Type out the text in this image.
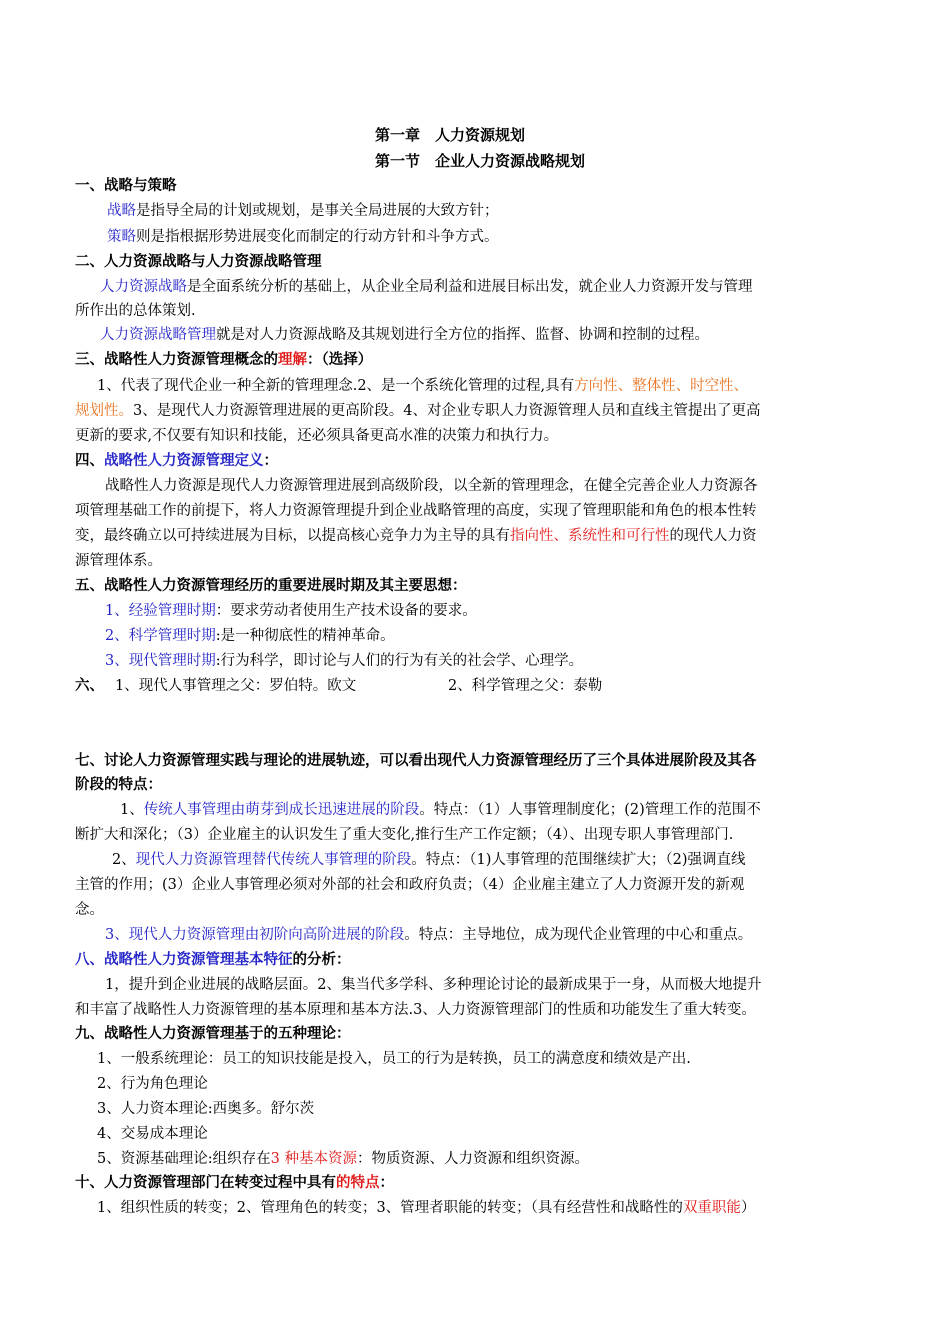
第一章　人力资源规划
第一节　企业人力资源战略规划
一、战略与策略
战略是指导全局的计划或规划，是事关全局进展的大致方针；
策略则是指根据形势进展变化而制定的行动方针和斗争方式。
二、人力资源战略与人力资源战略管理
人力资源战略是全面系统分析的基础上，从企业全局利益和进展目标出发，就企业人力资源开发与管理
所作出的总体策划.
人力资源战略管理就是对人力资源战略及其规划进行全方位的指挥、监督、协调和控制的过程。
三、战略性人力资源管理概念的理解：（选择）
1、代表了现代企业一种全新的管理理念.2、是一个系统化管理的过程,具有方向性、整体性、时空性、
规划性。3、是现代人力资源管理进展的更高阶段。4、对企业专职人力资源管理人员和直线主管提出了更高
更新的要求,不仅要有知识和技能，还必须具备更高水准的决策力和执行力。
四、战略性人力资源管理定义：
战略性人力资源是现代人力资源管理进展到高级阶段，以全新的管理理念，在健全完善企业人力资源各
项管理基础工作的前提下，将人力资源管理提升到企业战略管理的高度，实现了管理职能和角色的根本性转
变，最终确立以可持续进展为目标，以提高核心竞争力为主导的具有指向性、系统性和可行性的现代人力资
源管理体系。
五、战略性人力资源管理经历的重要进展时期及其主要思想：
1、经验管理时期：要求劳动者使用生产技术设备的要求。
2、科学管理时期:是一种彻底性的精神革命。
3、现代管理时期:行为科学，即讨论与人们的行为有关的社会学、心理学。
六、 1、现代人事管理之父：罗伯特。欧文	2、科学管理之父：泰勒
七、讨论人力资源管理实践与理论的进展轨迹，可以看出现代人力资源管理经历了三个具体进展阶段及其各
阶段的特点：
1、传统人事管理由萌芽到成长迅速进展的阶段。特点：（1）人事管理制度化；(2)管理工作的范围不
断扩大和深化；（3）企业雇主的认识发生了重大变化,推行生产工作定额；（4）、出现专职人事管理部门.
2、现代人力资源管理替代传统人事管理的阶段。特点：（1)人事管理的范围继续扩大；（2)强调直线
主管的作用；(3）企业人事管理必须对外部的社会和政府负责；（4）企业雇主建立了人力资源开发的新观
念。
3、现代人力资源管理由初阶向高阶进展的阶段。特点：主导地位，成为现代企业管理的中心和重点。
八、战略性人力资源管理基本特征的分析：
1，提升到企业进展的战略层面。2、集当代多学科、多种理论讨论的最新成果于一身，从而极大地提升
和丰富了战略性人力资源管理的基本原理和基本方法.3、人力资源管理部门的性质和功能发生了重大转变。
九、战略性人力资源管理基于的五种理论：
1、一般系统理论：员工的知识技能是投入，员工的行为是转换，员工的满意度和绩效是产出.
2、行为角色理论
3、人力资本理论:西奥多。舒尔茨
4、交易成本理论
5、资源基础理论:组织存在3 种基本资源：物质资源、人力资源和组织资源。
十、人力资源管理部门在转变过程中具有的特点：
1、组织性质的转变；2、管理角色的转变；3、管理者职能的转变；（具有经营性和战略性的双重职能）
